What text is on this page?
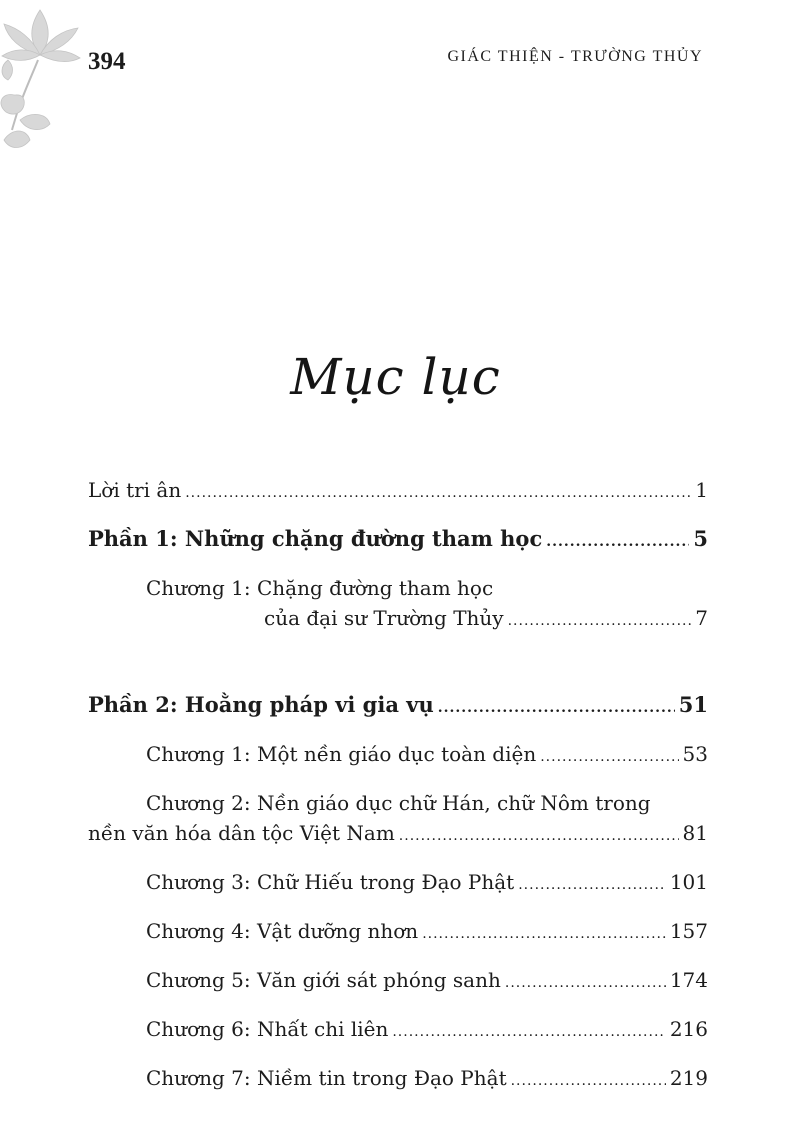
394	GIÁC THIỆN - TRƯỜNG THỦY
Mục lục
Lời tri ân .....	1
Phần 1: Những chặng đường tham học .....	5
Chương 1: Chặng đường tham học
của đại sư Trường Thủy .....	7
Phần 2: Hoằng pháp vi gia vụ .....	51
Chương 1: Một nền giáo dục toàn diện .....	53
Chương 2: Nền giáo dục chữ Hán, chữ Nôm trong
nền văn hóa dân tộc Việt Nam .....	81
Chương 3: Chữ Hiếu trong Đạo Phật .....	101
Chương 4: Vật dưỡng nhơn .....	157
Chương 5: Văn giới sát phóng sanh .....	174
Chương 6: Nhất chi liên .....	216
Chương 7: Niềm tin trong Đạo Phật .....	219
